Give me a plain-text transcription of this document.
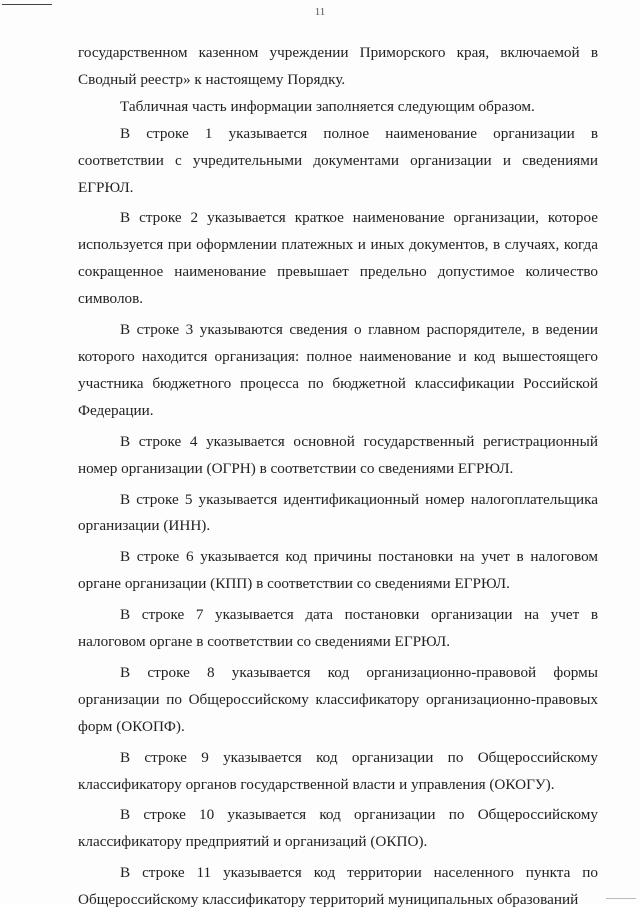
11

государственном казенном учреждении Приморского края, включаемой в Сводный реестр» к настоящему Порядку.

Табличная часть информации заполняется следующим образом.

В строке 1 указывается полное наименование организации в соответствии с учредительными документами организации и сведениями ЕГРЮЛ.

В строке 2 указывается краткое наименование организации, которое используется при оформлении платежных и иных документов, в случаях, когда сокращенное наименование превышает предельно допустимое количество символов.

В строке 3 указываются сведения о главном распорядителе, в ведении которого находится организация: полное наименование и код вышестоящего участника бюджетного процесса по бюджетной классификации Российской Федерации.

В строке 4 указывается основной государственный регистрационный номер организации (ОГРН) в соответствии со сведениями ЕГРЮЛ.

В строке 5 указывается идентификационный номер налогоплательщика организации (ИНН).

В строке 6 указывается код причины постановки на учет в налоговом органе организации (КПП) в соответствии со сведениями ЕГРЮЛ.

В строке 7 указывается дата постановки организации на учет в налоговом органе в соответствии со сведениями ЕГРЮЛ.

В строке 8 указывается код организационно-правовой формы организации по Общероссийскому классификатору организационно-правовых форм (ОКОПФ).

В строке 9 указывается код организации по Общероссийскому классификатору органов государственной власти и управления (ОКОГУ).

В строке 10 указывается код организации по Общероссийскому классификатору предприятий и организаций (ОКПО).

В строке 11 указывается код территории населенного пункта по Общероссийскому классификатору территорий муниципальных образований
